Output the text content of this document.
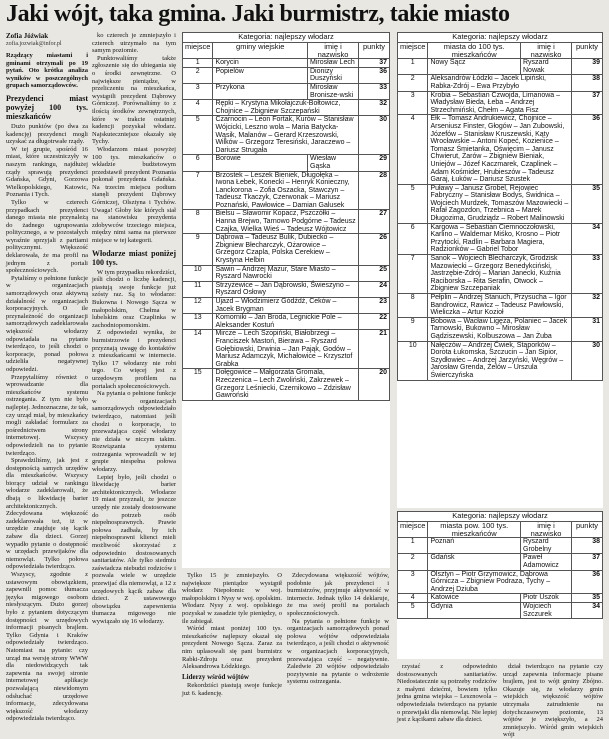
Jaki wójt, taka gmina. Jaki burmistrz, takie miasto
Zofia Jóźwiak
zofia.jozwiak@infor.pl

Rządzący miastami i gminami otrzymali po 19 pytań. Oto krótka analiza wyników w poszczególnych grupach samorządowców.

Prezydenci miast powyżej 100 tys. mieszkańców

Dużo punktów (po dwa za kadencję) prezydenci mogli uzyskać za długotrwałe rządy.

W tej grupie, spośród 16 miast, które uczestniczyły w naszym rankingu, najdłużej rządy sprawują prezydenci Gdańska, Gdyni, Gorzowa Wielkopolskiego, Katowic, Poznania i Tych.

Tylko w czterech przypadkach prezydenci danego miasta nie przynależą do żadnego ugrupowania politycznego, a w pozostałych wyraźnie sprzyjali z partiami politycznymi. Większość deklarowała, że ma profil na jednym z portali społecznościowych.

Pytaliśmy o pełnione funkcje w organizacjach samorządowych oraz aktywną działalność w organizacjach korporacyjnych. O ile przynależność do organizacji samorządowych zadeklarowała większość włodarzy odpowiadała na pytanie twierdząco, to jeśli chodzi o korporacje, ponad połowa udzieliła negatywnej odpowiedzi.

Przepytaliśmy również o wprowadzanie dla mieszkańców systemu ostrzegania. Z tym nie było najlepiej. Jednoznaczne, że tak, czy urząd miał, by mieszkańcy mogli zakładać formularz za pośrednictwem strony internetowej. Wszyscy odpowiedzieli na to pytanie twierdząco.

Sprawdziliśmy, jak jest z dostępnością samych urzędów dla mieszkańców. Wszyscy biorący udział w rankingu włodarze zadeklarowali, że dbają o likwidację barier architektonicznych. Zdecydowana większość zadeklarowała też, iż w urzędzie znajduje się kącik zabaw dla dzieci. Gorzej wypadło pytanie o dostępność w urzędach przewijaków dla niemowląt. Tylko połowa odpowiedziała twierdząco.

Wszyscy, zgodnie z ustawowym obowiązkiem, zapewnili pomoc tłumacza języka migowego osobom niesłyszącym. Dużo gorzej było z pytaniem dotyczącym dostępności w urzędowych informacji pisanych brajlem. Tylko Gdynia i Kraków odpowiedziały twierdząco. Natomiast na pytanie: czy urząd ma wersję strony WWW dla niedowidzących tak zapewnia na swojej stronie internetowej aplikacje pozwalającą niewidomym odsłuchać urzędowe informacje, zdecydowana większość włodarzy odpowiedziała twierdząco.

ko czterech je zmniejszyło i czterech utrzymało na tym samym poziomie.

Punktowaliśmy także zgłoszenie się do ubiegania się o środki zewnętrzne. O największe pieniądze, w przeliczeniu na mieszkańca, wystąpili prezydent Dąbrowy Górniczej. Porównaliśmy to z ilością środków zewnętrznych, które w trakcie ostatniej kadencji pozyskał włodarz. Najskuteczniejsze okazały się Tychy.

Włodarzom miast powyżej 100 tys. mieszkańców o wkładzie budżetowym przedstawił prezydent Poznania pokonał prezydenta Gdańska. Na trzecim miejscu podium stanęli prezydent Dąbrowy Górniczej, Olsztyna i Tychów. Uwaga! Głoby kie których siał na stanowisku prezydenta zdobywców trzeciego miejsca, między nimi sama na pierwsze miejsce w tej kategorii.

Włodarze miast poniżej 100 tys.

W tym przypadku rekordziści, jeśli chodzi o liczbę kadencji, piastują swoje funkcje już szósty raz. Są to włodarze: Bukowna i Nowego Sącza w małopolskim, Chełma w lubelskim oraz Czaplinka w zachodniopomorskim.

Z odpowiedzi wynika, że burmistrzowie i prezydenci przyznają uwagę do kontaktów z mieszkańcami w internecie. Tylko 17 włodarzy nie robi tego. Co więcej jest z urzędowym profilem na portalach społecznościowych.

Na pytania o pełnione funkcje w organizacjach samorządowych odpowiedziało twierdząco, natomiast jeśli chodzi o korporacje, to przeważająca część włodarzy nie działa w niczym takim. Rozwiązania systemu ostrzegania wprowadzili w tej grupie niespełna połowa włodarzy.

Lepiej było, jeśli chodzi o likwidację barier architektonicznych. Włodarze 19 miast przyznali, że jeszcze urzędy nie zostały dostosowane do potrzeb osób niepełnosprawnych. Prawie połowa zadbała, by ich niepełnosprawni klienci mieli możliwość skorzystać z odpowiednio dostosowanych sanitariatów. Ale tylko siedmiu zaświadcza niebudzi rodziców i pozwala wiele w urzędzie przewijać dla niemowląt, a 12 z urzędowych kącik zabaw dla dzieci. Z ustawowego obowiązku zapewnienia tłumacza migowego nie wywiązało się 16 włodarzy.

Kategoria: najlepszy włodarz			
miejsce	gminy wiejskie	imię i nazwisko	punkty
1	Korycin	Mirosław Lech	37
2	Popielów	Dionizy Duszyński	36
3	Przykona	Mirosław Bronisze-wski	33
4	Rępki – Krystyna Mikołajczuk-Bołtowicz, Chojnice – Zbigniew Szczepański		32
5	Czarnocin – Leon Fortak, Kurów – Stanisław Wójcicki, Leszno wola – Maria Batycka-Wąsik, Malanów – Gerard Krzeszowski, Wilków – Grzegorz Teresiński, Jaraczewo – Dariusz Strugała		30
6	Borowie	Wiesław Gąska	29
7	Brzostek – Leszek Bieniek, Długołęka – Iwona Łebek, Konecki – Henryk Konieczny, Lanckorona – Zofia Oszacka, Stawczyn – Tadeusz Tkaczyk, Czerwonak – Mariusz Poznański, Pawłowice – Damian Galusek		28
8	Bielsu – Sławomir Kopacz, Pszczółki – Hanna Brejwo, Tarnowo Podgórne – Tadeusz Czajka, Wielka Wieś – Tadeusz Wójtowicz		27
9	Dąbrowa – Tadeusz Bulik, Dubiecko – Zbigniew Błecharczyk, Ożarowice – Grzegorz Czapla, Polska Cerekiew – Krystyna Helbin		26
10	Sawin – Andrzej Mazur, Stare Miasto – Ryszard Nawrocki		25
11	Strzyżewice – Jan Dąbrowski, Świeszyno – Ryszard Osłowy		24
12	Ujazd – Włodzimierz Gódźdź, Ceków – Jacek Brygman		23
13	Komorniki – Jan Broda, Legnickie Pole – Aleksander Kostuń		22
14	Mircze – Lech Szopiński, Białobrzegi – Franciszek Mastoń, Bierawa – Ryszard Gołębiowski, Drwinia – Jan Pająk, Godów – Mariusz Adamczyk, Michałowice – Krzysztof Grabka		21
15	Dołęgowice – Małgorzata Gromala, Rzeczenica – Lech Zwoliński, Zakrzewek – Grzegorz Leśniecki, Czernikowo – Zdzisław Gawroński		20
Kategoria: najlepszy włodarz			
miejsce	miasta do 100 tys. mieszkańców	imię i nazwisko	punkty
1	Nowy Sącz	Ryszard Nowak	39
2	Aleksandrów Łódzki – Jacek Lipiński, Rabka-Zdrój – Ewa Przybyło		38
3	Krobia – Sebastian Czwojda, Limanowa – Władysław Bieda, Łeba – Andrzej Strzechmiński, Chełm – Agata Fisz		37
4	Ełk – Tomasz Andrukiewicz, Chojnice – Arseniusz Finster, Głogów – Jan Zubowski, Józefów – Stanisław Kruszewski, Kąty Wrocławskie – Antoni Kopeć, Kozienice – Tomasz Śmietanka, Oświęcim – Janusz Chwierut, Żarów – Zbigniew Bieniak, Uniejów – Józef Kaczmarek, Czaplinek – Adam Kośmider, Hrubieszów – Tadeusz Garaj, Łuków – Dariusz Szustek		36
5	Puławy – Janusz Grobel, Rejowiec Fabryczny – Stanisław Bodys, Świdnica – Wojciech Murdzek, Tomaszów Mazowiecki – Rafał Zagozdon, Trzebnica – Marek Długozima, Grudziądz – Robert Malinowski		35
6	Kargowa – Sebastian Ciemnoczołowski, Karlino – Waldemar Miśko, Krosno – Piotr Przytocki, Radlin – Barbara Magiera, Radzionków – Gabriel Tobor		34
7	Sanok – Wojciech Blecharczyk, Grodzisk Mazowiecki – Grzegorz Benedykciński, Jastrzębie-Zdrój – Marian Janecki, Kuźnia Raciborska – Rita Serafin, Otwock – Zbigniew Szczepaniak		33
8	Pełplin – Andrzej Stanuch, Przysucha – Igor Bandrowicz, Rawicz – Tadeusz Pawłowski, Wieliczka – Artur Kozioł		32
9	Bobowa – Wacław Ligęza, Polaniec – Jacek Tarnowski, Bukowno – Mirosław Gądziszewski, Kolbuszowa – Jan Żuba		31
10	Nałęczów – Andrzej Ćwiek, Stąporków – Dorota Łukomska, Szczucin – Jan Sipior, Szydłowiec – Andrzej Jarzyński, Węgrów – Jarosław Grenda, Żelów – Urszula Świerczyńska		30
Kategoria: najlepszy włodarz			
miejsce	miasta pow. 100 tys. mieszkańców	imię i nazwisko	punkty
1	Poznań	Ryszard Grobelny	38
2	Gdańsk	Paweł Adamowicz	37
3	Olsztyn – Piotr Grzymowicz, Dąbrowa Górnicza – Zbigniew Podraza, Tychy – Andrzej Dziuba		36
4	Katowice	Piotr Uszok	35
5	Gdynia	Wojciech Szczurek	34

Tylko 15 je zmniejszyło. O największe pieniądze wystąpił włodarz Niepołomic w woj. małopolskim i Nysy w woj. opolskim. Włodarz Nysy z woj. opolskiego pozyskał w zasadzie tyle pieniędzy, o ile zabiegał.

Wśród miast poniżej 100 tys. mieszkańców najlepszy okazał się prezydent Nowego Sącza. Zaraz za nim uplasowali się pani burmistrz Rabki-Zdroju oraz prezydent Aleksandrowa Łódzkiego.

Liderzy wśród wójtów

Rekordziści piastują swoje funkcje już 6. kadencję.

Zdecydowana większość wójtów, podobnie jak prezydenci i burmistrzów, przyjmuje aktywność w internecie. Jednak tylko 14 deklaruje, że ma swój profil na portalach społecznościowych.

Na pytania o pełnione funkcje w organizacjach samorządowych ponad połowa wójtów odpowiedziała twierdząco, a jeśli chodzi o aktywność w organizacjach korporacyjnych, przeważająca część – negatywnie. Zaledwie 20 wójtów odpowiedziało pozytywnie na pytanie o wdrożenie systemu ostrzegania.

rzystać z odpowiednio dostosowanych sanitariatów. Niedostatecznie są potrzeby rodziców z małymi dziećmi, bowiem tylko jedna gmina wiejska – Lesznowola – odpowiedziała twierdząco na pytanie o przewijaki dla niemowląt. Nie lepiej jest z kącikami zabaw dla dzieci.

dział twierdząco na pytanie czy urząd zapewnia informacje pisane brajlem, jest to wójt gminy Zbójno. Okazuje się, że włodarzy gmin wiejskich większość wójtów utrzymała zatrudnienie na dotychczasowym poziomie, 13 wójtów je zwiększyło, a 24 zmniejszyło. Wśród gmin wiejskich wójt
